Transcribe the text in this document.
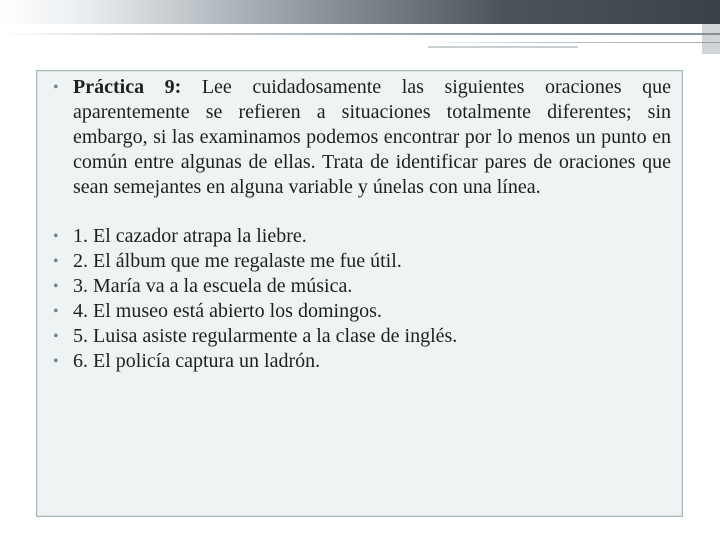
• Práctica 9: Lee cuidadosamente las siguientes oraciones que aparentemente se refieren a situaciones totalmente diferentes; sin embargo, si las examinamos podemos encontrar por lo menos un punto en común entre algunas de ellas. Trata de identificar pares de oraciones que sean semejantes en alguna variable y únelas con una línea.
• 1. El cazador atrapa la liebre.
• 2. El álbum que me regalaste me fue útil.
• 3. María va a la escuela de música.
• 4. El museo está abierto los domingos.
• 5. Luisa asiste regularmente a la clase de inglés.
• 6. El policía captura un ladrón.
